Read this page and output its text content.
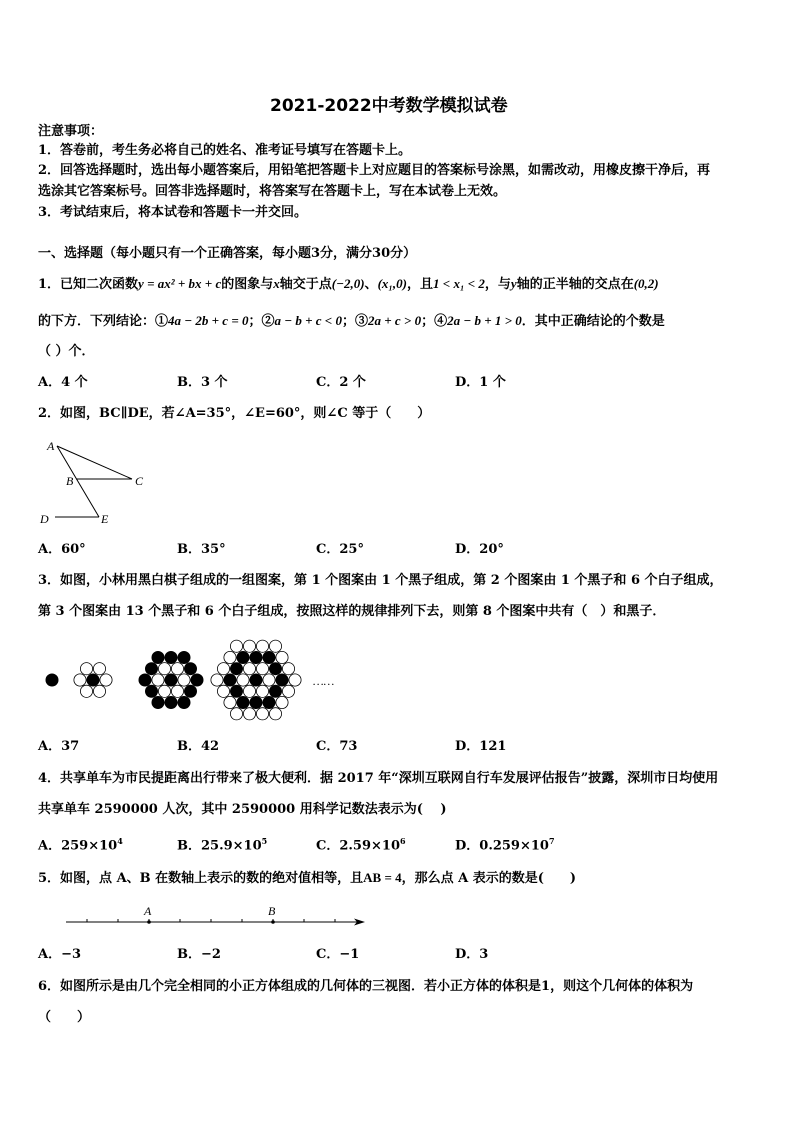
2021-2022中考数学模拟试卷
注意事项：
1．答卷前，考生务必将自己的姓名、准考证号填写在答题卡上。
2．回答选择题时，选出每小题答案后，用铅笔把答题卡上对应题目的答案标号涂黑，如需改动，用橡皮擦干净后，再
选涂其它答案标号。回答非选择题时，将答案写在答题卡上，写在本试卷上无效。
3．考试结束后，将本试卷和答题卡一并交回。
一、选择题（每小题只有一个正确答案，每小题3分，满分30分）
1．已知二次函数y = ax² + bx + c的图象与x轴交于点(−2,0)、(x₁,0)，且1 < x₁ < 2，与y轴的正半轴的交点在(0,2)
的下方．下列结论：①4a − 2b + c = 0；②a − b + c < 0；③2a + c > 0；④2a − b + 1 > 0．其中正确结论的个数是
（ ）个．
A．4 个	B．3 个	C．2 个	D．1 个
2．如图，BC∥DE，若∠A=35°，∠E=60°，则∠C 等于（　　）
A
B	C
D	E
A．60°	B．35°	C．25°	D．20°
3．如图，小林用黑白棋子组成的一组图案，第 1 个图案由 1 个黑子组成，第 2 个图案由 1 个黑子和 6 个白子组成，
第 3 个图案由 13 个黑子和 6 个白子组成，按照这样的规律排列下去，则第 8 个图案中共有（　）和黑子．
……
A．37	B．42	C．73	D．121
4．共享单车为市民提距离出行带来了极大便利．据 2017 年“深圳互联网自行车发展评估报告”披露，深圳市日均使用
共享单车 2590000 人次，其中 2590000 用科学记数法表示为(　 )
A．$259\times 10^4$	B．$25.9\times 10^5$	C．$2.59\times 10^6$	D．$0.259\times 10^7$
5．如图，点 A、B 在数轴上表示的数的绝对值相等，且AB = 4，那么点 A 表示的数是(　　)
A	B
A．−3	B．−2	C．−1	D．3
6．如图所示是由几个完全相同的小正方体组成的几何体的三视图．若小正方体的体积是1，则这个几何体的体积为
（　　）
